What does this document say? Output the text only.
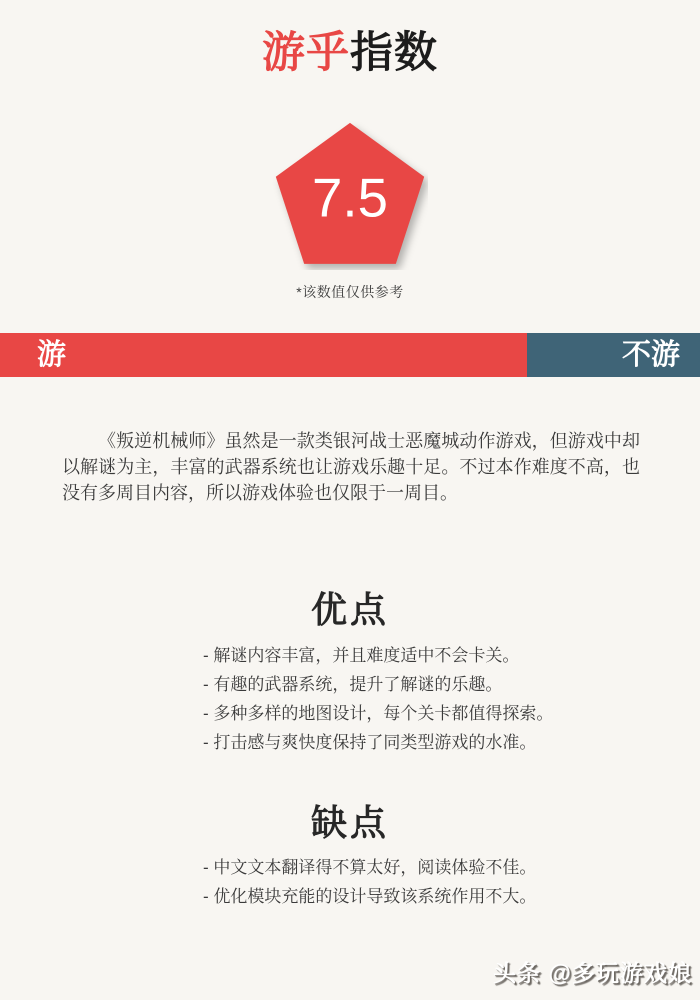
游乎指数
7.5
*该数值仅供参考
游	不游

《叛逆机械师》虽然是一款类银河战士恶魔城动作游戏，但游戏中却以解谜为主，丰富的武器系统也让游戏乐趣十足。不过本作难度不高，也没有多周目内容，所以游戏体验也仅限于一周目。

优点
- 解谜内容丰富，并且难度适中不会卡关。
- 有趣的武器系统，提升了解谜的乐趣。
- 多种多样的地图设计，每个关卡都值得探索。
- 打击感与爽快度保持了同类型游戏的水准。
缺点
- 中文文本翻译得不算太好，阅读体验不佳。
- 优化模块充能的设计导致该系统作用不大。
头条 @多玩游戏娘
